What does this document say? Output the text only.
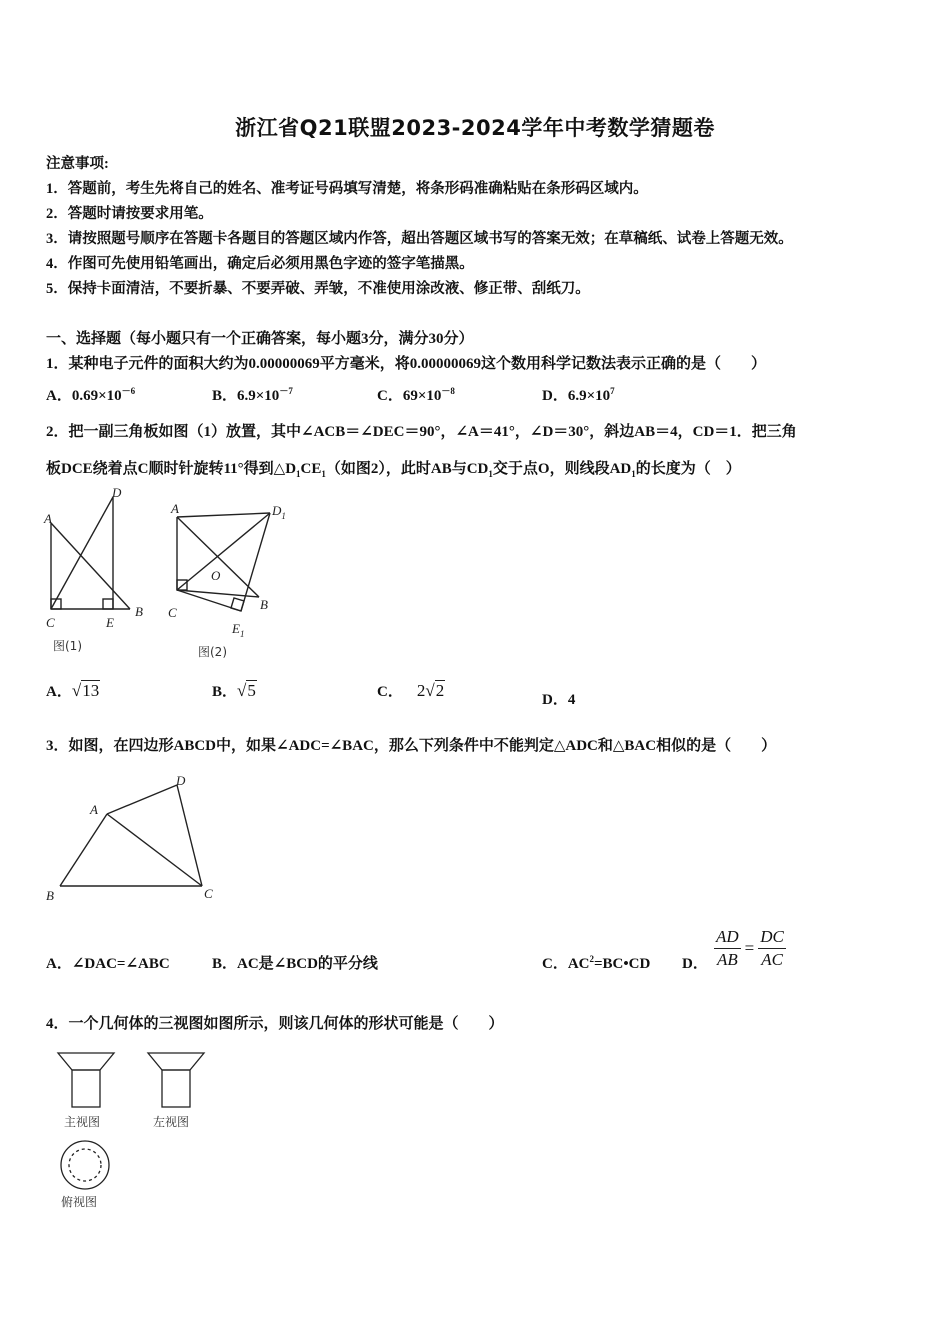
浙江省Q21联盟2023-2024学年中考数学猜题卷
注意事项:
1．答题前，考生先将自己的姓名、准考证号码填写清楚，将条形码准确粘贴在条形码区域内。
2．答题时请按要求用笔。
3．请按照题号顺序在答题卡各题目的答题区域内作答，超出答题区域书写的答案无效；在草稿纸、试卷上答题无效。
4．作图可先使用铅笔画出，确定后必须用黑色字迹的签字笔描黑。
5．保持卡面清洁，不要折暴、不要弄破、弄皱，不准使用涂改液、修正带、刮纸刀。
一、选择题（每小题只有一个正确答案，每小题3分，满分30分）
1．某种电子元件的面积大约为0.00000069平方毫米，将0.00000069这个数用科学记数法表示正确的是（　　）
A．$0.69\times 10^{-6}$	B．$6.9\times 10^{-7}$	C．$69\times 10^{-8}$	D．$6.9\times 10^7$
2．把一副三角板如图（1）放置，其中∠ACB＝∠DEC＝90°，∠A＝41°，∠D＝30°，斜边AB＝4，CD＝1．把三角
板DCE绕着点C顺时针旋转11°得到$\triangle D_1CE_1$（如图2），此时AB与$CD_1$交于点O，则线段$AD_1$的长度为（　）
A
D
C	E
B
图(1)
A	$D_1$
O
C
B
$E_1$
图(2)
A．√13	B．√5	C． 2√2	D．4
3．如图，在四边形ABCD中，如果∠ADC=∠BAC，那么下列条件中不能判定△ADC和△BAC相似的是（　　）
A
D
B	C
A．∠DAC=∠ABC	B．AC是∠BCD的平分线	C．$AC^2=BC•CD$ D． $\frac{AD}{AB} = \frac{DC}{AC}$
4．一个几何体的三视图如图所示，则该几何体的形状可能是（　　）
主视图	左视图
俯视图
